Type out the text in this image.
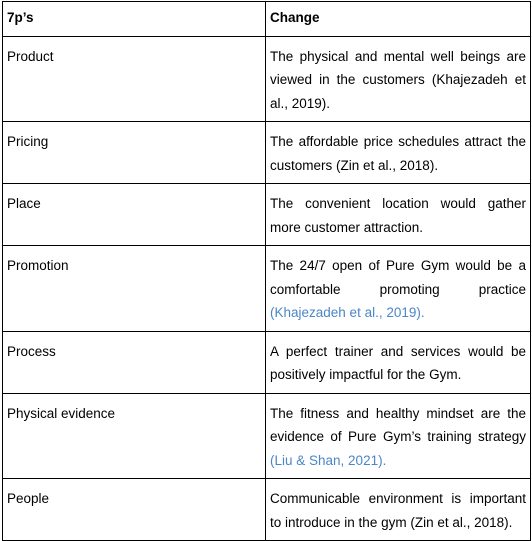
7p’s	Change
Product	The physical and mental well beings are viewed in the customers (Khajezadeh et al., 2019).
Pricing	The affordable price schedules attract the customers (Zin et al., 2018).
Place	The convenient location would gather more customer attraction.
Promotion	The 24/7 open of Pure Gym would be a comfortable promoting practice (Khajezadeh et al., 2019).
Process	A perfect trainer and services would be positively impactful for the Gym.
Physical evidence	The fitness and healthy mindset are the evidence of Pure Gym’s training strategy (Liu & Shan, 2021).
People	Communicable environment is important to introduce in the gym (Zin et al., 2018).
